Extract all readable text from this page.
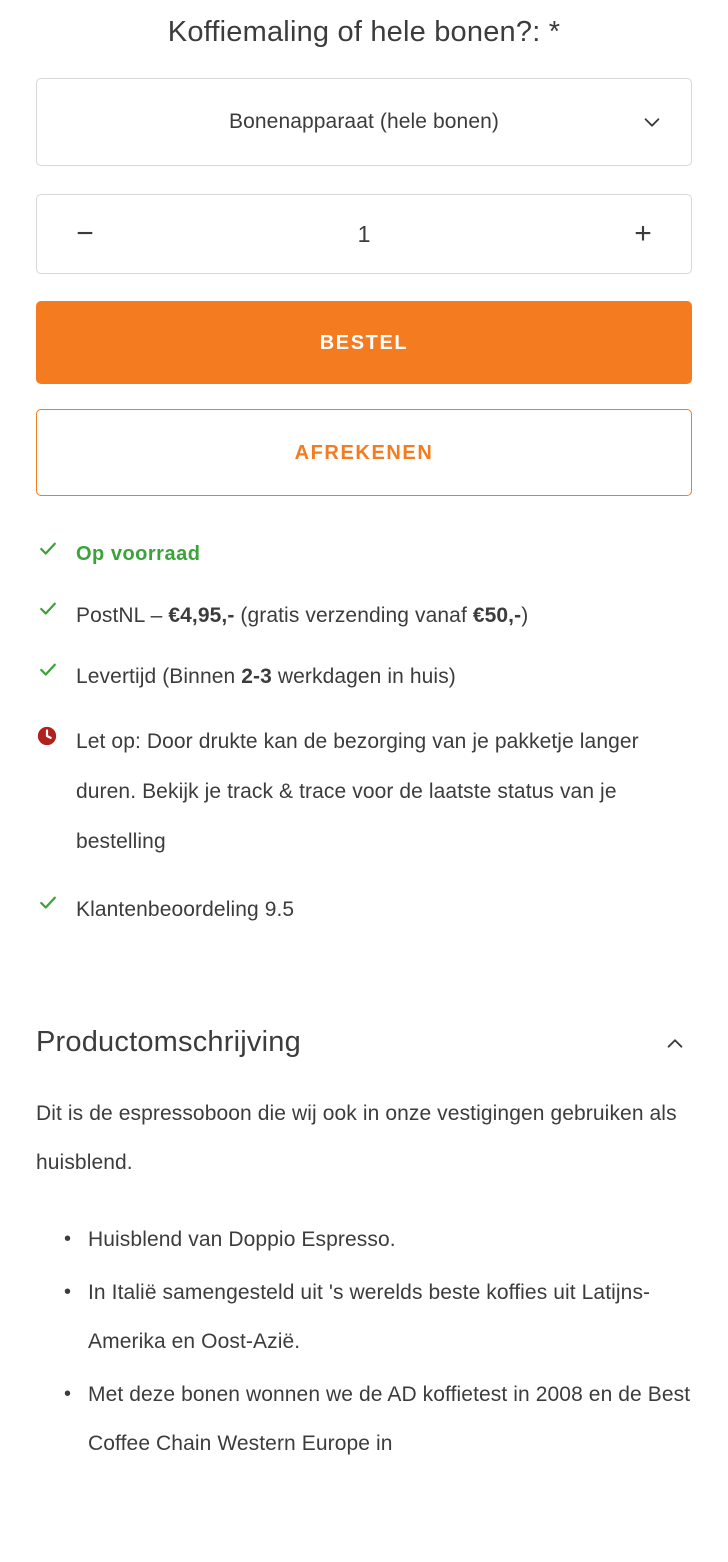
Koffiemaling of hele bonen?: *
Bonenapparaat (hele bonen)
−	1	+
BESTEL
AFREKENEN
Op voorraad
PostNL – €4,95,- (gratis verzending vanaf €50,-)
Levertijd (Binnen 2-3 werkdagen in huis)
Let op: Door drukte kan de bezorging van je pakketje langer duren. Bekijk je track & trace voor de laatste status van je bestelling
Klantenbeoordeling 9.5
Productomschrijving

Dit is de espressoboon die wij ook in onze vestigingen gebruiken als huisblend.

• Huisblend van Doppio Espresso.
• In Italië samengesteld uit 's werelds beste koffies uit Latijns-Amerika en Oost-Azië.
• Met deze bonen wonnen we de AD koffietest in 2008 en de Best Coffee Chain Western Europe in
